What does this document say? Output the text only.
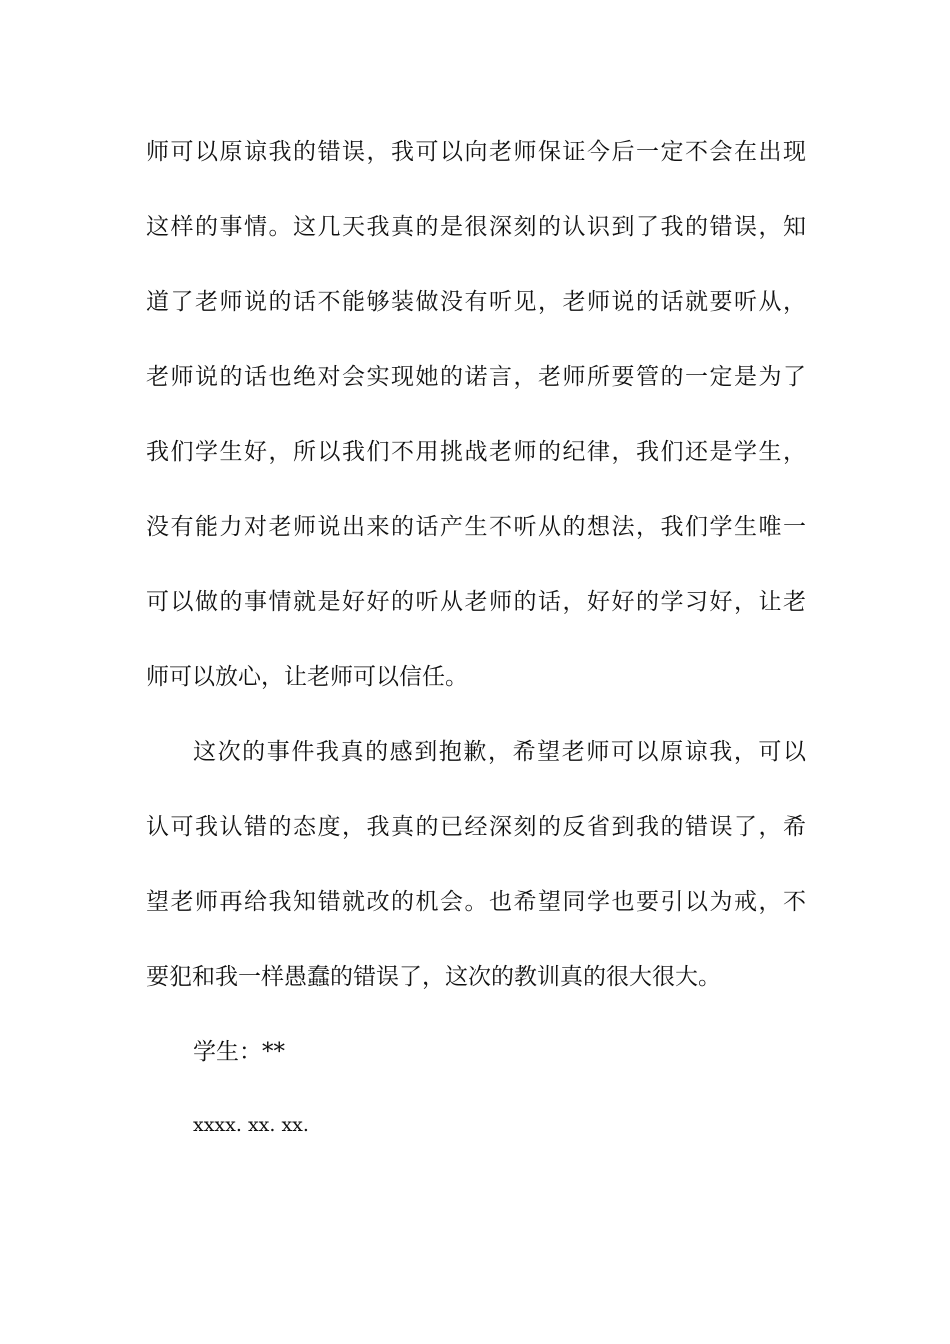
师可以原谅我的错误，我可以向老师保证今后一定不会在出现
这样的事情。这几天我真的是很深刻的认识到了我的错误，知
道了老师说的话不能够装做没有听见，老师说的话就要听从，
老师说的话也绝对会实现她的诺言，老师所要管的一定是为了
我们学生好，所以我们不用挑战老师的纪律，我们还是学生，
没有能力对老师说出来的话产生不听从的想法，我们学生唯一
可以做的事情就是好好的听从老师的话，好好的学习好，让老
师可以放心，让老师可以信任。
这次的事件我真的感到抱歉，希望老师可以原谅我，可以
认可我认错的态度，我真的已经深刻的反省到我的错误了，希
望老师再给我知错就改的机会。也希望同学也要引以为戒，不
要犯和我一样愚蠢的错误了，这次的教训真的很大很大。
学生：**
xxxx. xx. xx.
